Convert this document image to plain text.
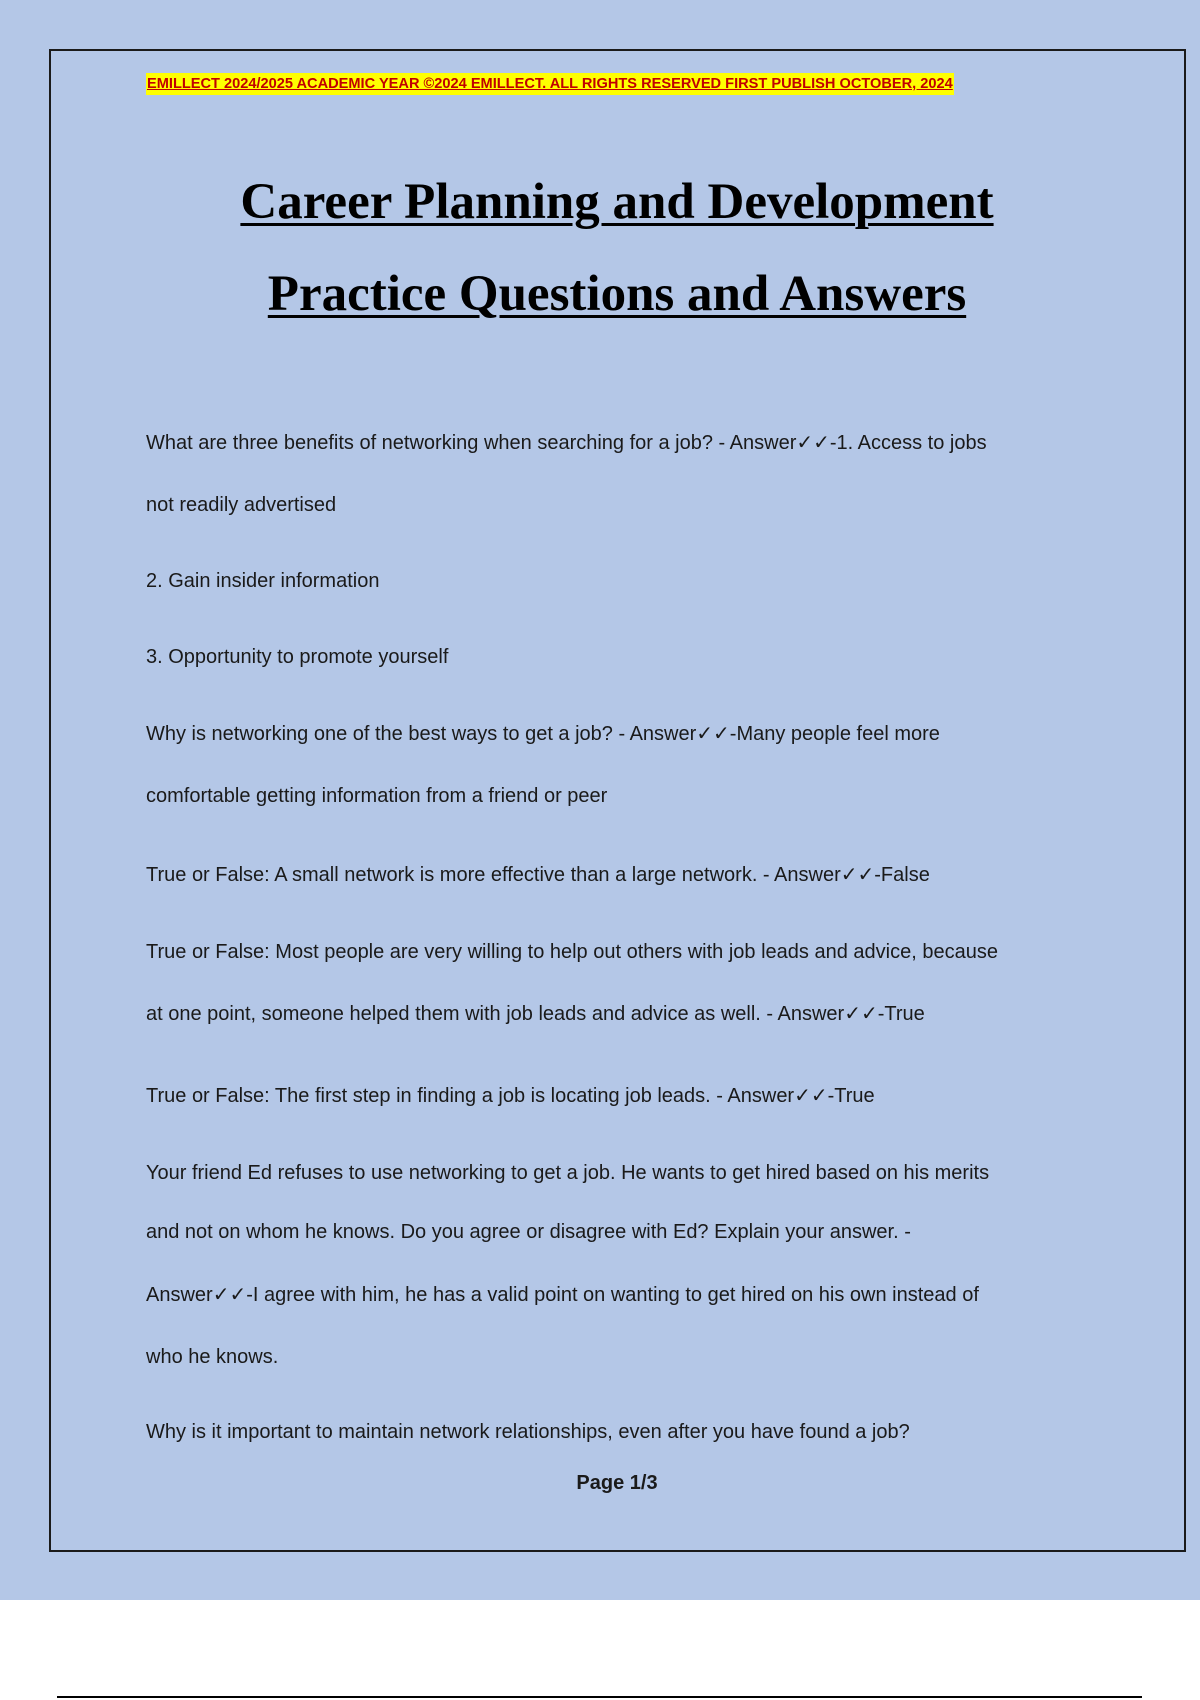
EMILLECT 2024/2025 ACADEMIC YEAR ©2024 EMILLECT. ALL RIGHTS RESERVED FIRST PUBLISH OCTOBER, 2024
Career Planning and Development
Practice Questions and Answers
What are three benefits of networking when searching for a job? - Answer✓✓-1. Access to jobs
not readily advertised
2. Gain insider information
3. Opportunity to promote yourself
Why is networking one of the best ways to get a job? - Answer✓✓-Many people feel more
comfortable getting information from a friend or peer
True or False: A small network is more effective than a large network. - Answer✓✓-False
True or False: Most people are very willing to help out others with job leads and advice, because
at one point, someone helped them with job leads and advice as well. - Answer✓✓-True
True or False: The first step in finding a job is locating job leads. - Answer✓✓-True
Your friend Ed refuses to use networking to get a job. He wants to get hired based on his merits
and not on whom he knows. Do you agree or disagree with Ed? Explain your answer. -
Answer✓✓-I agree with him, he has a valid point on wanting to get hired on his own instead of
who he knows.
Why is it important to maintain network relationships, even after you have found a job?
Page 1/3
